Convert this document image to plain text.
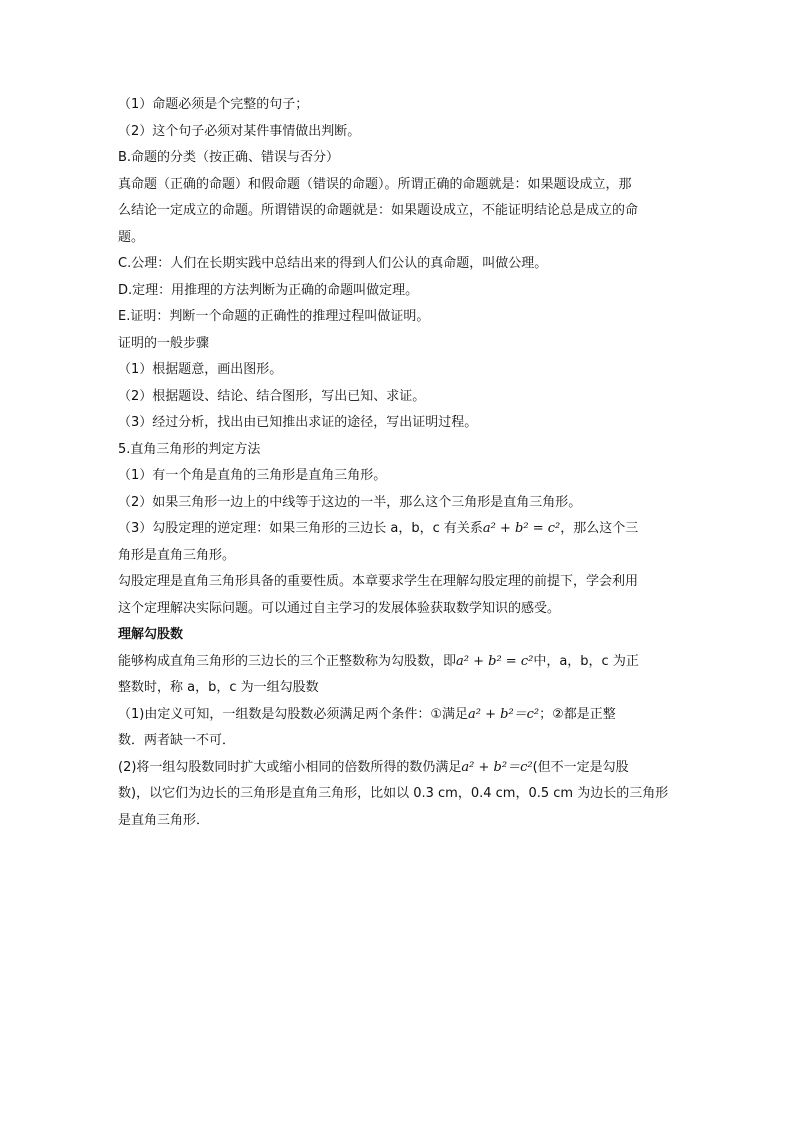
（1）命题必须是个完整的句子；

（2）这个句子必须对某件事情做出判断。

B.命题的分类（按正确、错误与否分）

真命题（正确的命题）和假命题（错误的命题）。所谓正确的命题就是：如果题设成立，那

么结论一定成立的命题。所谓错误的命题就是：如果题设成立，不能证明结论总是成立的命

题。

C.公理：人们在长期实践中总结出来的得到人们公认的真命题，叫做公理。

D.定理：用推理的方法判断为正确的命题叫做定理。

E.证明：判断一个命题的正确性的推理过程叫做证明。

证明的一般步骤

（1）根据题意，画出图形。

（2）根据题设、结论、结合图形，写出已知、求证。

（3）经过分析，找出由已知推出求证的途径，写出证明过程。

5.直角三角形的判定方法

（1）有一个角是直角的三角形是直角三角形。

（2）如果三角形一边上的中线等于这边的一半，那么这个三角形是直角三角形。

（3）勾股定理的逆定理：如果三角形的三边长 a，b，c 有关系a² + b² = c²，那么这个三

角形是直角三角形。

勾股定理是直角三角形具备的重要性质。本章要求学生在理解勾股定理的前提下，学会利用

这个定理解决实际问题。可以通过自主学习的发展体验获取数学知识的感受。

理解勾股数

能够构成直角三角形的三边长的三个正整数称为勾股数，即a² + b² = c²中，a，b，c 为正

整数时，称 a，b，c 为一组勾股数

（1)由定义可知，一组数是勾股数必须满足两个条件：①满足a² + b²＝c²；②都是正整

数．两者缺一不可．

(2)将一组勾股数同时扩大或缩小相同的倍数所得的数仍满足a² + b²＝c²(但不一定是勾股

数)，以它们为边长的三角形是直角三角形，比如以 0.3 cm，0.4 cm，0.5 cm 为边长的三角形

是直角三角形．
